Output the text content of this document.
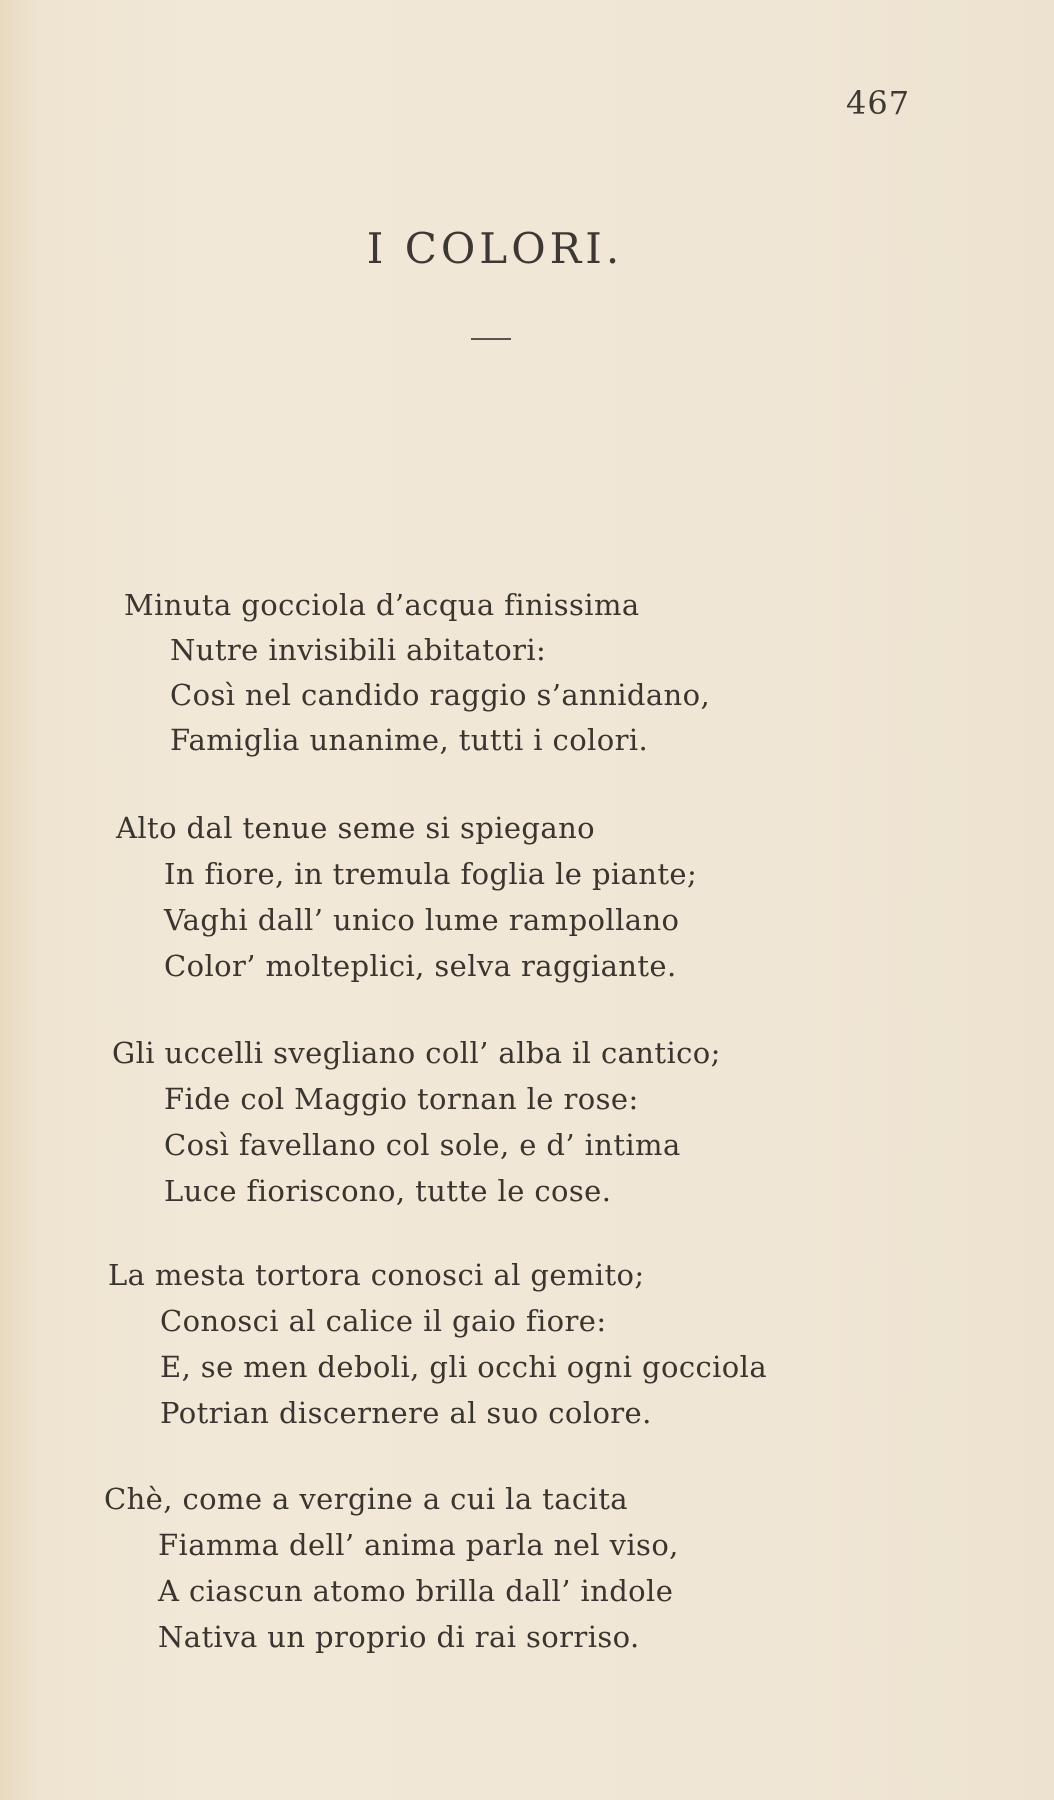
467
I COLORI.
Minuta gocciola d’acqua finissima
Nutre invisibili abitatori:
Così nel candido raggio s’annidano,
Famiglia unanime, tutti i colori.
Alto dal tenue seme si spiegano
In fiore, in tremula foglia le piante;
Vaghi dall’ unico lume rampollano
Color’ molteplici, selva raggiante.
Gli uccelli svegliano coll’ alba il cantico;
Fide col Maggio tornan le rose:
Così favellano col sole, e d’ intima
Luce fioriscono, tutte le cose.
La mesta tortora conosci al gemito;
Conosci al calice il gaio fiore:
E, se men deboli, gli occhi ogni gocciola
Potrian discernere al suo colore.
Chè, come a vergine a cui la tacita
Fiamma dell’ anima parla nel viso,
A ciascun atomo brilla dall’ indole
Nativa un proprio di rai sorriso.
